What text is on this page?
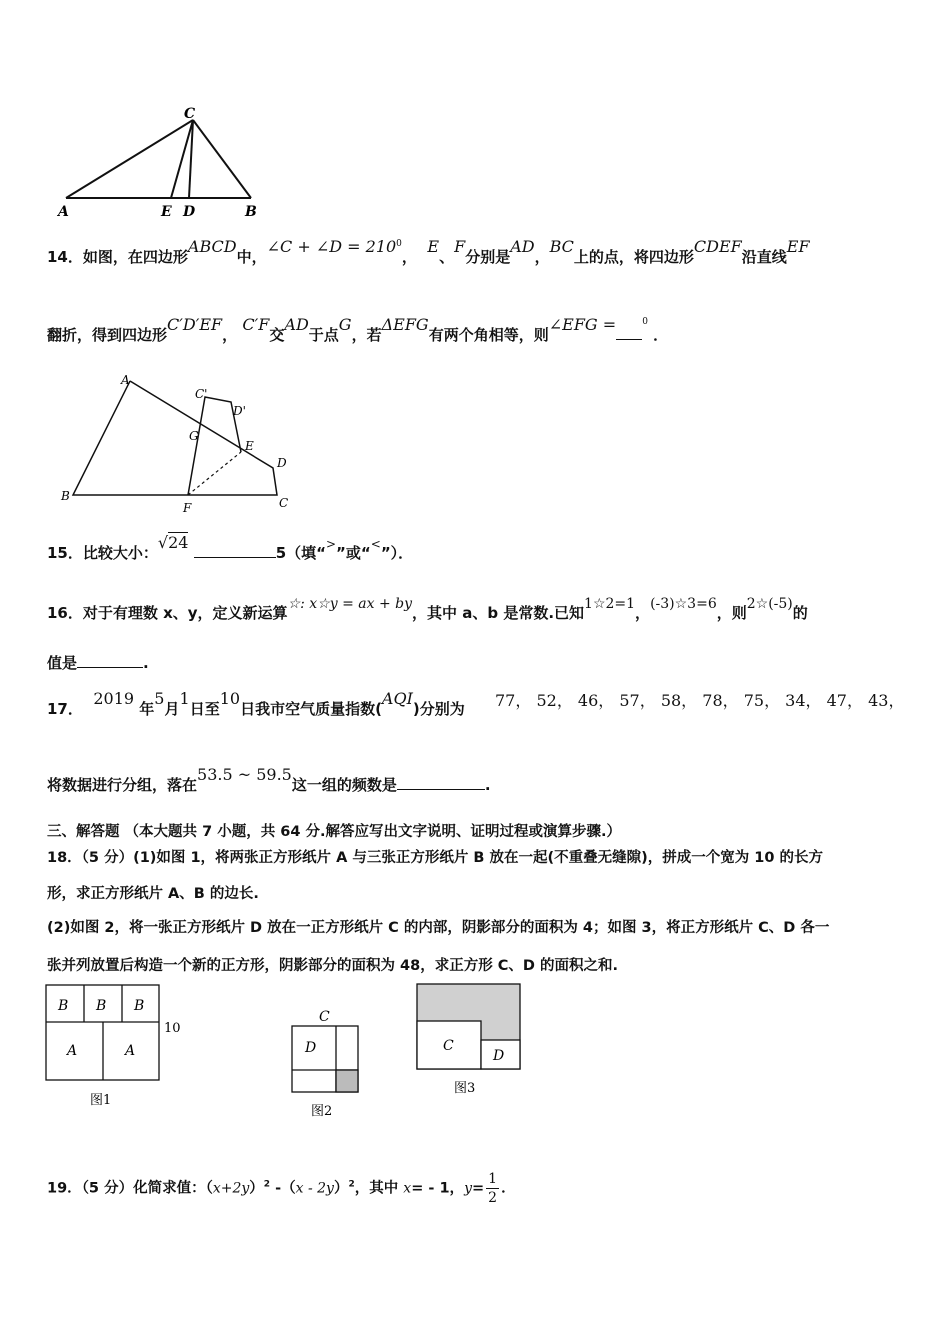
C
A	E D	B
14．如图，在四边形ABCD中，∠C + ∠D = $210^0$，  E、F分别是AD，BC上的点，将四边形CDEF沿直线EF
翻折，得到四边形C′D′EF， C′F交AD于点G，若ΔEFG有两个角相等，则∠EFG =	$^0$ ．
A
C'
D'
G
E
D
B
F	C
15．比较大小：√24 5（填“>”或“<”）．
16．对于有理数 x、y，定义新运算☆: x☆y = ax + by，其中 a、b 是常数.已知1☆2=1，(-3)☆3=6，则2☆(-5)的
值是	.
17．  2019 年5月1日至10日我市空气质量指数(AQI)分别为 77， 52， 46， 57， 58， 78， 75， 34， 47， 43，
将数据进行分组，落在53.5 ~ 59.5这一组的频数是	.
三、解答题 （本大题共 7 小题，共 64 分.解答应写出文字说明、证明过程或演算步骤.）
18．（5 分）(1)如图 1，将两张正方形纸片 A 与三张正方形纸片 B 放在一起(不重叠无缝隙)，拼成一个宽为 10 的长方
形，求正方形纸片 A、B 的边长.
(2)如图 2，将一张正方形纸片 D 放在一正方形纸片 C 的内部，阴影部分的面积为 4；如图 3，将正方形纸片 C、D 各一
张并列放置后构造一个新的正方形，阴影部分的面积为 48，求正方形 C、D 的面积之和.
B B B
A	A
10
图1
C
D
图2
C
D
图3
19．（5 分）化简求值：$(x+2y)^2$ -（x - 2y）$^2$，其中 x= - 1，$y= \frac{1}{2}$ ．
